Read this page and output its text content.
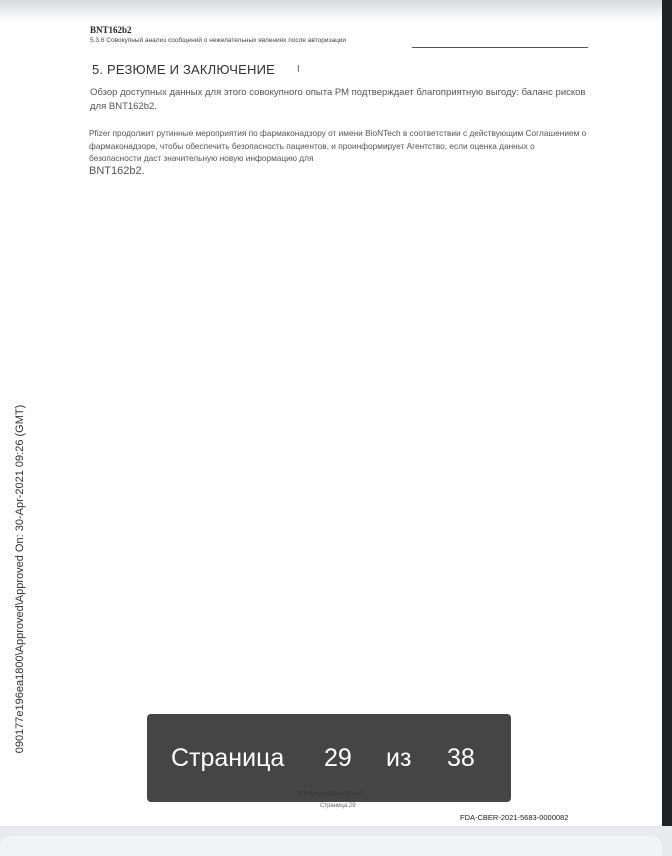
BNT162b2
5.3.6 Совокупный анализ сообщений о нежелательных явлениях после авторизации
5. РЕЗЮМЕ И ЗАКЛЮЧЕНИЕ I
Обзор доступных данных для этого совокупного опыта РМ подтверждает благоприятную выгоду: баланс рисков для BNT162b2.
Pfizer продолжит рутинные мероприятия по фармаконадзору от имени BioNTech в соответствии с действующим Соглашением о фармаконадзоре, чтобы обеспечить безопасность пациентов, и проинформирует Агентство, если оценка данных о безопасности даст значительную новую информацию для
BNT162b2.
090177e196ea1800\Approved\Approved On: 30-Apr-2021 09:26 (GMT)
Страница 29
FDA-CBER-2021-5683-0000082
Страница 29 из 38
